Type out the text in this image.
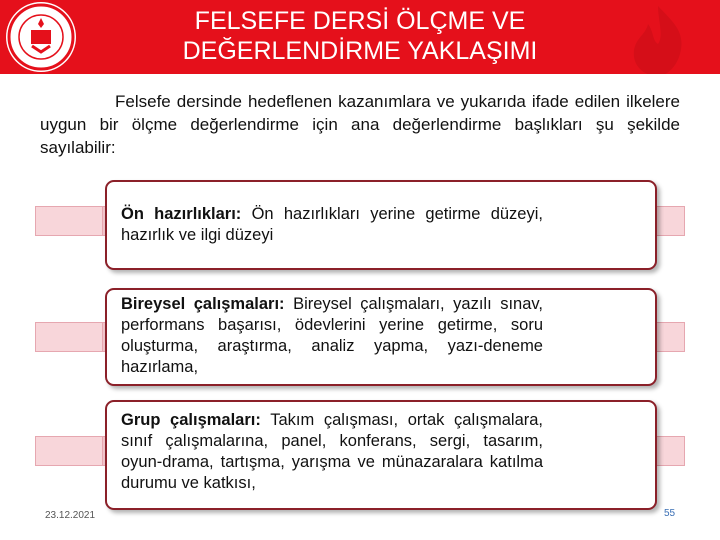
FELSEFE DERSİ ÖLÇME VE
DEĞERLENDİRME YAKLAŞIMI
Felsefe dersinde hedeflenen kazanımlara ve yukarıda ifade edilen ilkelere uygun bir ölçme değerlendirme için ana değerlendirme başlıkları şu şekilde sayılabilir:
Ön hazırlıkları: Ön hazırlıkları yerine getirme düzeyi, hazırlık ve ilgi düzeyi
Bireysel çalışmaları: Bireysel çalışmaları, yazılı sınav, performans başarısı, ödevlerini yerine getirme, soru oluşturma, araştırma, analiz yapma, yazı-deneme hazırlama,
Grup çalışmaları: Takım çalışması, ortak çalışmalara, sınıf çalışmalarına, panel, konferans, sergi, tasarım, oyun-drama, tartışma, yarışma ve münazaralara katılma durumu ve katkısı,
23.12.2021	55
